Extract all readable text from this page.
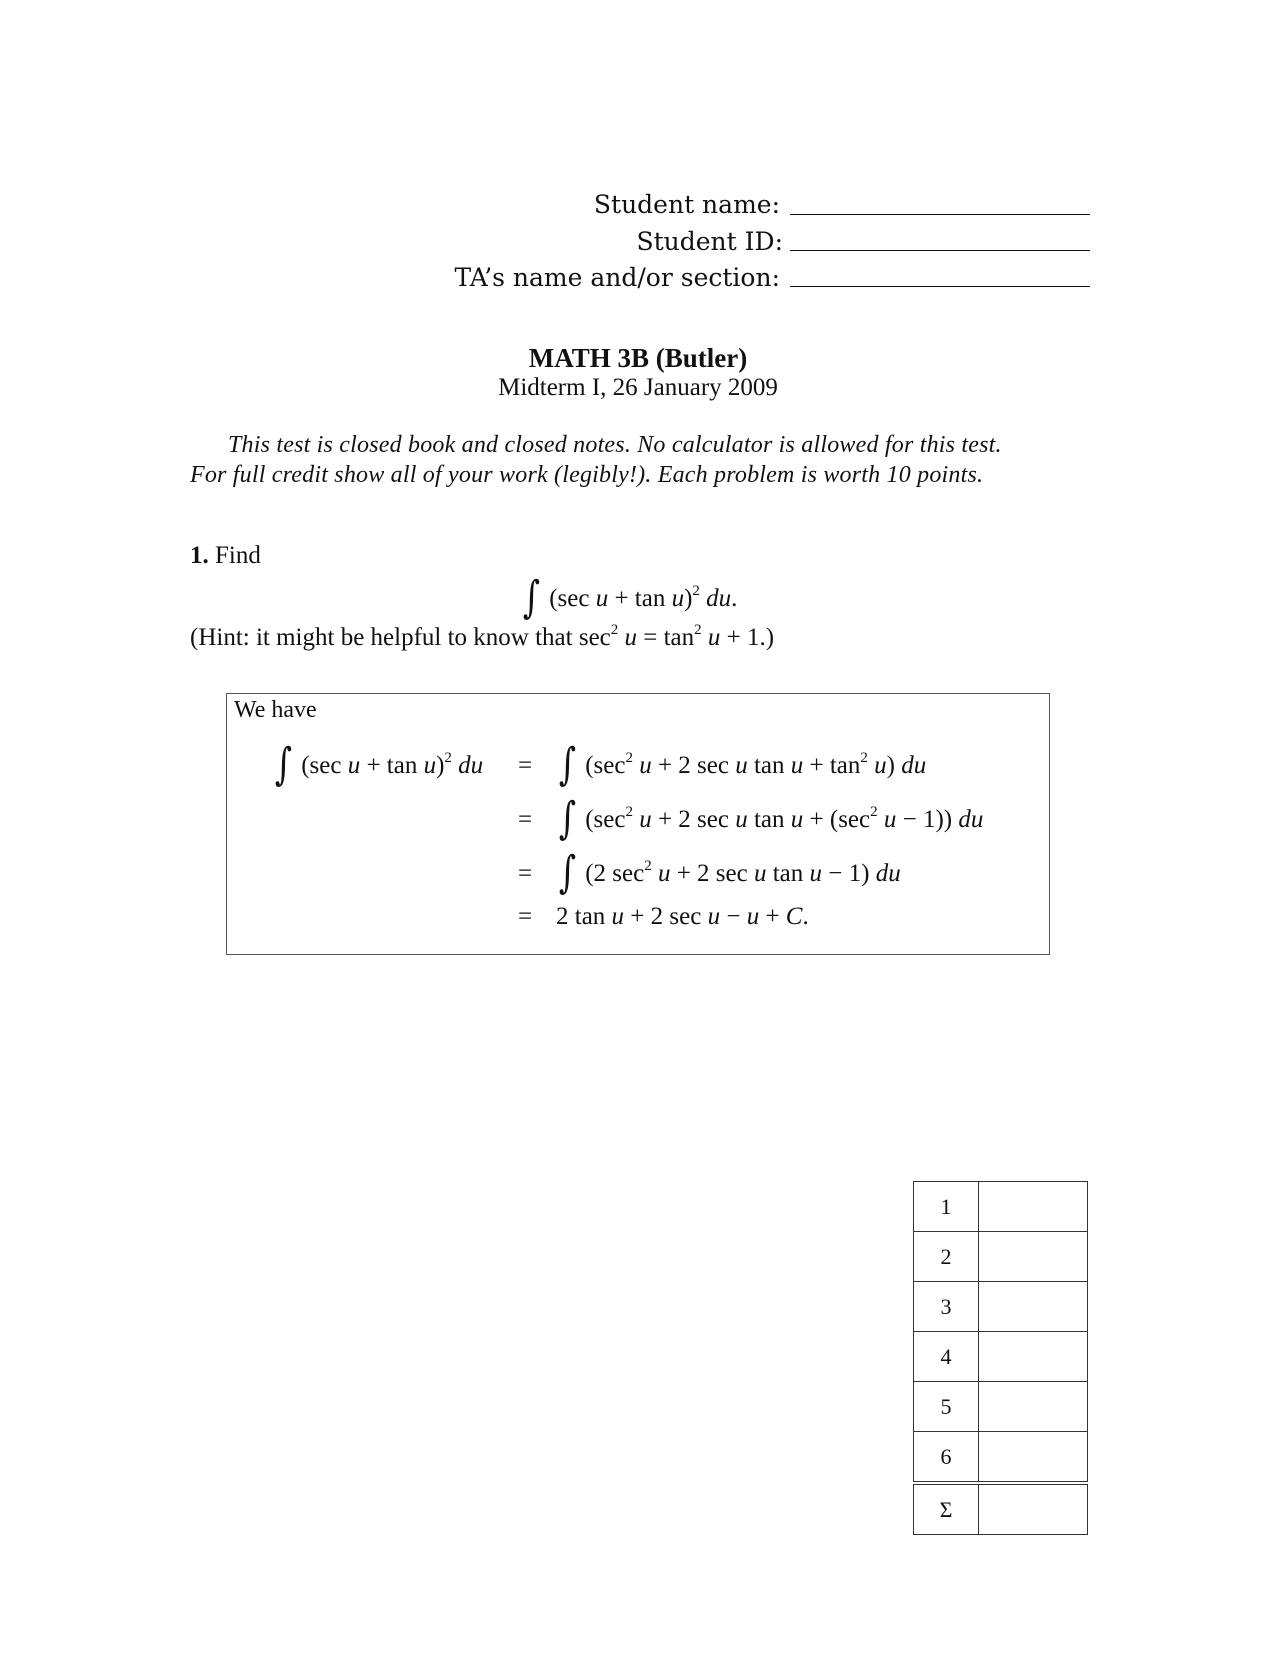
Student name:
Student ID:
TA’s name and/or section:
MATH 3B (Butler)
Midterm I, 26 January 2009
This test is closed book and closed notes. No calculator is allowed for this test.
For full credit show all of your work (legibly!). Each problem is worth 10 points.
1. Find
∫ (sec u + tan u)$^2$ du.
(Hint: it might be helpful to know that $\sec^2 u = \tan^2 u + 1$.)
We have
∫ (sec u + tan u)$^2$ du = ∫ ($\sec^2$ u + 2 sec u $\tan u + \tan^2 u$) du
= ∫ ($\sec^2$ u + 2 sec u $\tan u + (\sec^2$ u − 1)) du
= ∫ (2 $\sec^2 u + 2$ sec u tan u − 1) du
= 2 tan u + 2 sec u − u + C.
1	
2	
3	
4	
5	
6	
Σ	
